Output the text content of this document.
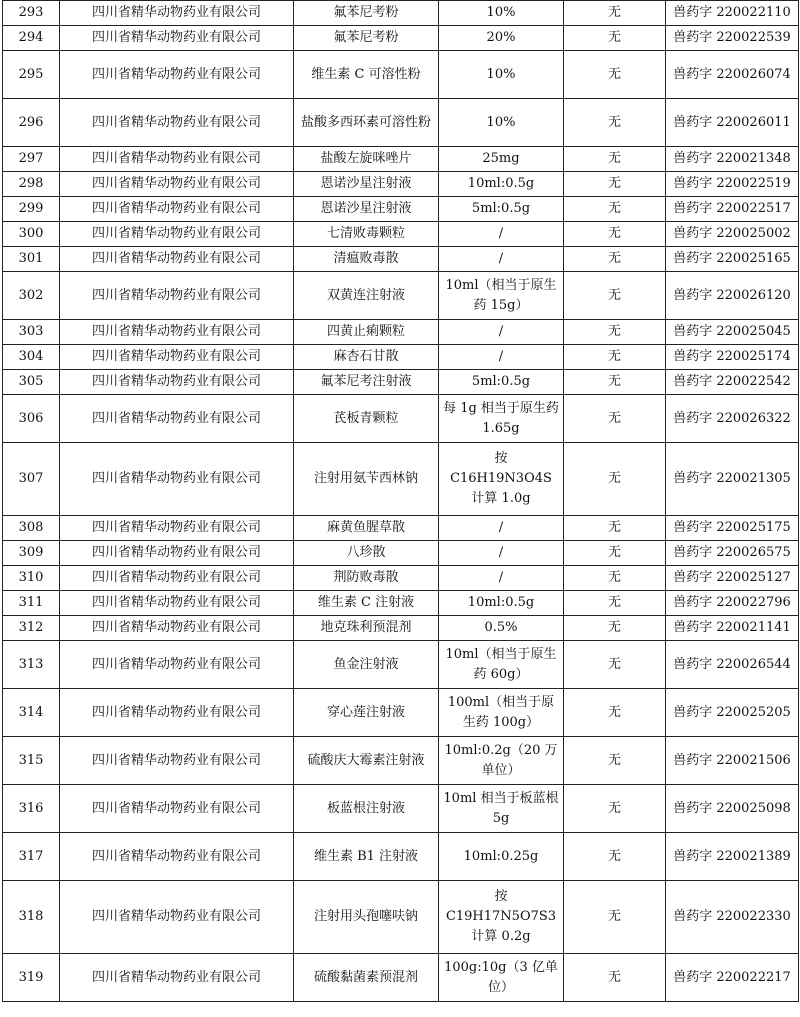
293	四川省精华动物药业有限公司	氟苯尼考粉	10%	无	兽药字 220022110
294	四川省精华动物药业有限公司	氟苯尼考粉	20%	无	兽药字 220022539
295	四川省精华动物药业有限公司	维生素 C 可溶性粉	10%	无	兽药字 220026074
296	四川省精华动物药业有限公司	盐酸多西环素可溶性粉	10%	无	兽药字 220026011
297	四川省精华动物药业有限公司	盐酸左旋咪唑片	25mg	无	兽药字 220021348
298	四川省精华动物药业有限公司	恩诺沙星注射液	10ml:0.5g	无	兽药字 220022519
299	四川省精华动物药业有限公司	恩诺沙星注射液	5ml:0.5g	无	兽药字 220022517
300	四川省精华动物药业有限公司	七清败毒颗粒	/	无	兽药字 220025002
301	四川省精华动物药业有限公司	清瘟败毒散	/	无	兽药字 220025165
302	四川省精华动物药业有限公司	双黄连注射液	10ml（相当于原生药 15g）	无	兽药字 220026120
303	四川省精华动物药业有限公司	四黄止痢颗粒	/	无	兽药字 220025045
304	四川省精华动物药业有限公司	麻杏石甘散	/	无	兽药字 220025174
305	四川省精华动物药业有限公司	氟苯尼考注射液	5ml:0.5g	无	兽药字 220022542
306	四川省精华动物药业有限公司	芪板青颗粒	每 1g 相当于原生药 1.65g	无	兽药字 220026322
307	四川省精华动物药业有限公司	注射用氨苄西林钠	按 C16H19N3O4S 计算 1.0g	无	兽药字 220021305
308	四川省精华动物药业有限公司	麻黄鱼腥草散	/	无	兽药字 220025175
309	四川省精华动物药业有限公司	八珍散	/	无	兽药字 220026575
310	四川省精华动物药业有限公司	荆防败毒散	/	无	兽药字 220025127
311	四川省精华动物药业有限公司	维生素 C 注射液	10ml:0.5g	无	兽药字 220022796
312	四川省精华动物药业有限公司	地克珠利预混剂	0.5%	无	兽药字 220021141
313	四川省精华动物药业有限公司	鱼金注射液	10ml（相当于原生药 60g）	无	兽药字 220026544
314	四川省精华动物药业有限公司	穿心莲注射液	100ml（相当于原生药 100g）	无	兽药字 220025205
315	四川省精华动物药业有限公司	硫酸庆大霉素注射液	10ml:0.2g（20 万单位）	无	兽药字 220021506
316	四川省精华动物药业有限公司	板蓝根注射液	10ml 相当于板蓝根 5g	无	兽药字 220025098
317	四川省精华动物药业有限公司	维生素 B1 注射液	10ml:0.25g	无	兽药字 220021389
318	四川省精华动物药业有限公司	注射用头孢噻呋钠	按 C19H17N5O7S3 计算 0.2g	无	兽药字 220022330
319	四川省精华动物药业有限公司	硫酸黏菌素预混剂	100g:10g（3 亿单位）	无	兽药字 220022217
